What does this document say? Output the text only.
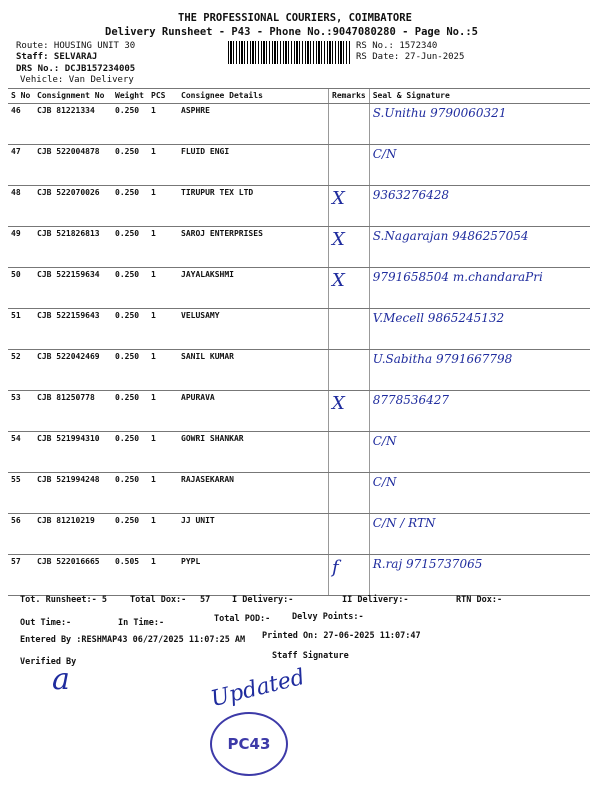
THE PROFESSIONAL COURIERS, COIMBATORE
Delivery Runsheet - P43 - Phone No.:9047080280 - Page No.:5
Route: HOUSING UNIT 30
Staff: SELVARAJ
DRS No.: DCJB157234005
Vehicle: Van Delivery
RS No.: 1572340
RS Date: 27-Jun-2025
S No	Consignment No	Weight	PCS	Consignee Details	Remarks	Seal & Signature
46	CJB 81221334	0.250	1	ASPHRE		S.Unithu 9790060321
47	CJB 522004878	0.250	1	FLUID ENGI		C/N
48	CJB 522070026	0.250	1	TIRUPUR TEX LTD	X	9363276428
49	CJB 521826813	0.250	1	SAROJ ENTERPRISES	X	S.Nagarajan 9486257054
50	CJB 522159634	0.250	1	JAYALAKSHMI	X	9791658504 m.chandaraPri
51	CJB 522159643	0.250	1	VELUSAMY		V.Mecell 9865245132
52	CJB 522042469	0.250	1	SANIL KUMAR		U.Sabitha 9791667798
53	CJB 81250778	0.250	1	APURAVA	X	8778536427
54	CJB 521994310	0.250	1	GOWRI SHANKAR		C/N
55	CJB 521994248	0.250	1	RAJASEKARAN		C/N
56	CJB 81210219	0.250	1	JJ UNIT		C/N / RTN
57	CJB 522016665	0.505	1	PYPL	f	R.raj 9715737065
Tot. Runsheet:- 5	Total Dox:- 57	I Delivery:-	II Delivery:-	RTN Dox:-
Out Time:-	In Time:-	Total POD:-	Delvy Points:-
Entered By :RESHMAP43 06/27/2025 11:07:25 AM Printed On: 27-06-2025 11:07:47
Verified By
Staff Signature
a	Updated
PC43
